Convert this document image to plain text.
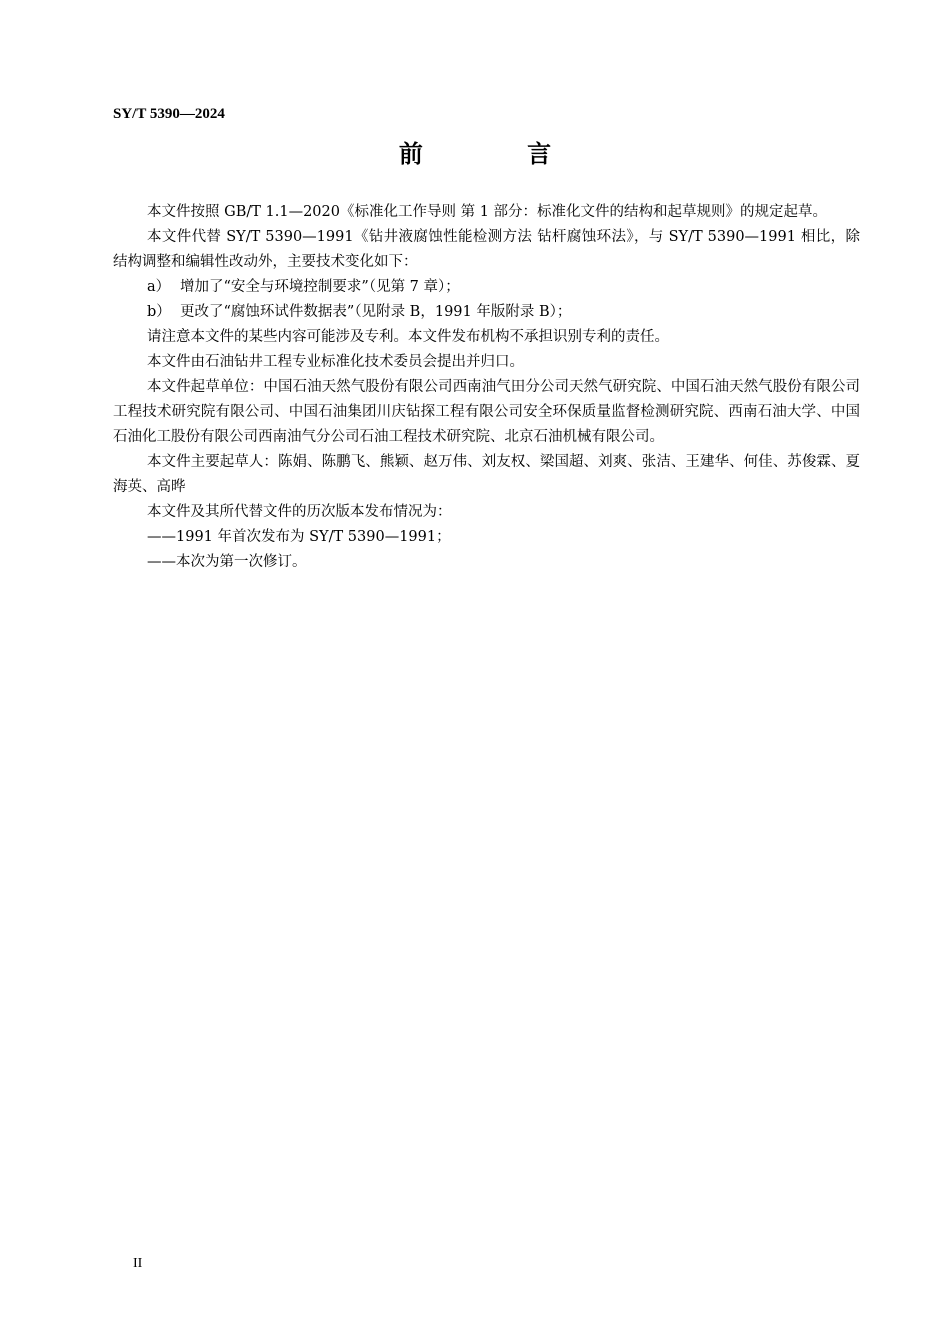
SY/T 5390—2024
前 言

本文件按照 GB/T 1.1—2020《标准化工作导则 第 1 部分：标准化文件的结构和起草规则》的规定起草。

本文件代替 SY/T 5390—1991《钻井液腐蚀性能检测方法 钻杆腐蚀环法》，与 SY/T 5390—1991 相比，除结构调整和编辑性改动外，主要技术变化如下：

a） 增加了“安全与环境控制要求”（见第 7 章）；

b） 更改了“腐蚀环试件数据表”（见附录 B，1991 年版附录 B）；

请注意本文件的某些内容可能涉及专利。本文件发布机构不承担识别专利的责任。

本文件由石油钻井工程专业标准化技术委员会提出并归口。

本文件起草单位：中国石油天然气股份有限公司西南油气田分公司天然气研究院、中国石油天然气股份有限公司工程技术研究院有限公司、中国石油集团川庆钻探工程有限公司安全环保质量监督检测研究院、西南石油大学、中国石油化工股份有限公司西南油气分公司石油工程技术研究院、北京石油机械有限公司。

本文件主要起草人：陈娟、陈鹏飞、熊颖、赵万伟、刘友权、梁国超、刘爽、张洁、王建华、何佳、苏俊霖、夏海英、高晔

本文件及其所代替文件的历次版本发布情况为：

——1991 年首次发布为 SY/T 5390—1991；

——本次为第一次修订。

II
